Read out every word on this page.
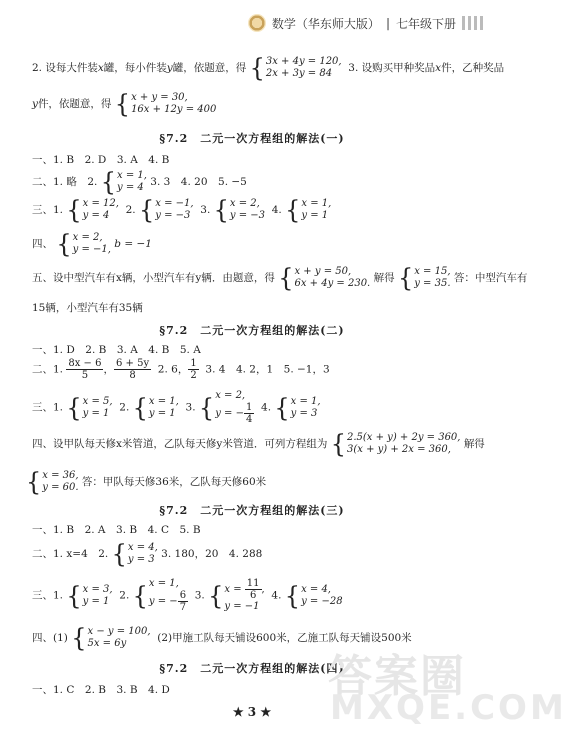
数学（华东师大版） | 七年级下册
2. 设每大件装x罐，每小件装y罐，依题意，得 { 3x + 4y = 120,
2x + 3y = 84	3. 设购买甲种奖品x件，乙种奖品
y件，依题意，得 { x + y = 30,
16x + 12y = 400
§7.2　二元一次方程组的解法(一)
一、1. B　2. D　3. A　4. B
二、1. 略　2. { x = 1,
y = 4 3. 3　4. 20　5. −5
三、1. { x = 12,
y = 4	2. { x = −1,
y = −3 3. { x = 2,
y = −3 4. { x = 1,
y = 1
四、 { x = 2,
y = −1, b = −1
五、设中型汽车有x辆，小型汽车有y辆．由题意，得 { x + y = 50,
6x + 4y = 230. 解得 { x = 15,
y = 35. 答：中型汽车有
15辆，小型汽车有35辆
§7.2　二元一次方程组的解法(二)
一、1. D　2. B　3. A　4. B　5. A
二、1. $\frac{8x - 6}{5}$ ， $\frac{6 + 5y}{8} 2$. 6， $\frac{1}{2} 3$. 4　4. 2，1　5. −1，3
三、1. { x = 5,
y = 1 2. { x = 1,
y = 1 3. { x = 2,
y = − $\frac{1}{4} 4$. { x = 1,
y = 3
四、设甲队每天修x米管道，乙队每天修y米管道．可列方程组为 { 2.5(x + y) + 2y = 360,
3(x + y) + 2x = 360,	解得
{ x = 36,
y = 60. 答：甲队每天修36米，乙队每天修60米
§7.2　二元一次方程组的解法(三)
一、1. B　2. A　3. B　4. C　5. B
二、1. x=4　2. { x = 4,
y = 3 3. 180，20　4. 288
三、1. { x = 3,
y = 1 2. { x = 1,
y = − $\frac{6}{7} 3$. { $x = \frac{11}{6}$ ,
y = −1
4. { x = 4,
y = −28
四、(1) { x − y = 100,
5x = 6y	(2)甲施工队每天铺设600米，乙施工队每天铺设500米
§7.2　二元一次方程组的解法(四)
一、1. C　2. B　3. B　4. D	答案圈
MXQE.COM
★ 3 ★
